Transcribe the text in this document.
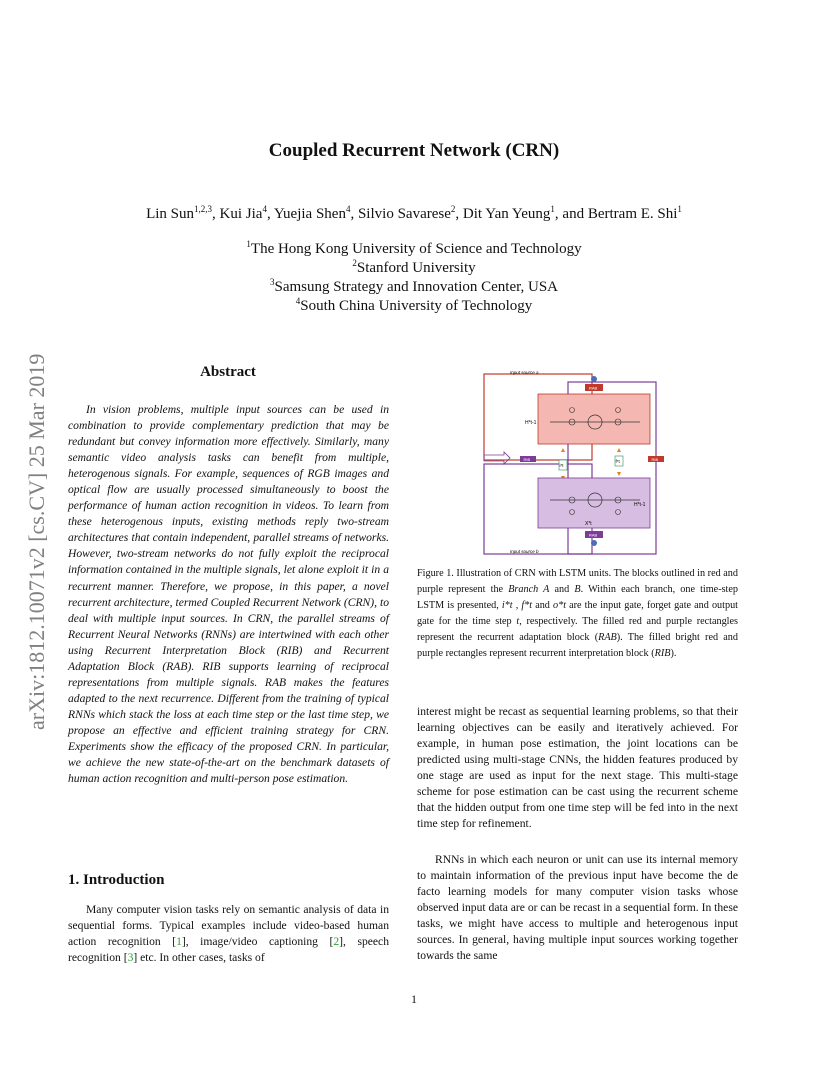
Coupled Recurrent Network (CRN)
Lin Sun$^{1,2,3}$, Kui Jia$^4$, Yuejia Shen$^4$, Silvio Savarese$^2$, Dit Yan Yeung$^1$, and Bertram E. Shi$^1$
$^1$The Hong Kong University of Science and Technology
$^2$Stanford University
$^3$Samsung Strategy and Innovation Center, USA
$^4$South China University of Technology
arXiv:1812.10071v2 [cs.CV] 25 Mar 2019	Abstract
In vision problems, multiple input sources can be used in combination to provide complementary prediction that may be redundant but convey information more effectively. Similarly, many semantic video analysis tasks can benefit from multiple, heterogenous signals. For example, sequences of RGB images and optical flow are usually processed simultaneously to boost the performance of human action recognition in videos. To learn from these heterogenous inputs, existing methods reply two-stream architectures that contain independent, parallel streams of networks. However, two-stream networks do not fully exploit the reciprocal information contained in the multiple signals, let alone exploit it in a recurrent manner. Therefore, we propose, in this paper, a novel recurrent architecture, termed Coupled Recurrent Network (CRN), to deal with multiple input sources. In CRN, the parallel streams of Recurrent Neural Networks (RNNs) are intertwined with each other using Recurrent Interpretation Block (RIB) and Recurrent Adaptation Block (RAB). RIB supports learning of reciprocal representations from multiple signals. RAB makes the features adapted to the next recurrence. Different from the training of typical RNNs which stack the loss at each time step or the last time step, we propose an effective and efficient training strategy for CRN. Experiments show the efficacy of the proposed CRN. In particular, we achieve the new state-of-the-art on the benchmark datasets of human action recognition and multi-person pose estimation.
1. Introduction
Many computer vision tasks rely on semantic analysis of data in sequential forms. Typical examples include video-based human action recognition [1], image/video captioning [2], speech recognition [3] etc. In other cases, tasks of
Input source a
Input source b
RAB
H*t-1
RIB	RIB
i*t
f*t
H*t-1
X*t
RAB
Figure 1. Illustration of CRN with LSTM units. The blocks outlined in red and purple represent the Branch A and B. Within each branch, one time-step LSTM is presented, i*t , f*t and o*t are the input gate, forget gate and output gate for the time step t, respectively. The filled red and purple rectangles represent the recurrent adaptation block (RAB). The filled bright red and purple rectangles represent recurrent interpretation block (RIB).
interest might be recast as sequential learning problems, so that their learning objectives can be easily and iteratively achieved. For example, in human pose estimation, the joint locations can be predicted using multi-stage CNNs, the hidden features produced by one stage are used as input for the next stage. This multi-stage scheme for pose estimation can be cast using the recurrent scheme that the hidden output from one time step will be fed into in the next time step for refinement.
RNNs in which each neuron or unit can use its internal memory to maintain information of the previous input have become the de facto learning models for many computer vision tasks whose observed input data are or can be recast in a sequential form. In these tasks, we might have access to multiple and heterogenous input sources. In general, having multiple input sources working together towards the same
1
